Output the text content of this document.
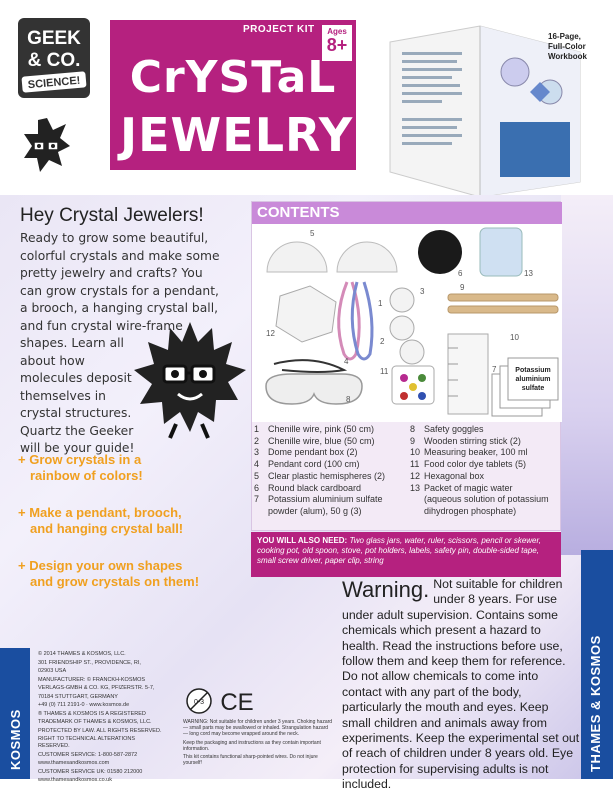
GEEK
& CO.
SCIENCE!
PROJECT KIT	Ages
8+
CrYSTaL
JEWELRY
16-Page,
Full-Color
Workbook
Hey Crystal Jewelers!
Ready to grow some beautiful,
colorful crystals and make some
pretty jewelry and crafts? You
can grow crystals for a pendant,
a brooch, a hanging crystal ball,
and fun crystal wire-frame
shapes. Learn all
about how
molecules deposit
themselves in
crystal structures.
Quartz the Geeker
will be your guide!
+ Grow crystals in a
rainbow of colors!
+ Make a pendant, brooch,
and hanging crystal ball!
+ Design your own shapes
and grow crystals on them!
CONTENTS
Potassium
aluminium
sulfate
1
2
3
4
5
6
7
8
9
10
11
12
13
1 Chenille wire, pink (50 cm)
2 Chenille wire, blue (50 cm)
3 Dome pendant box (2)
4 Pendant cord (100 cm)
5 Clear plastic hemispheres (2)
6 Round black cardboard
7 Potassium aluminium sulfate
powder (alum), 50 g (3)
8 Safety goggles
9 Wooden stirring stick (2)
10 Measuring beaker, 100 ml
11 Food color dye tablets (5)
12 Hexagonal box
13 Packet of magic water
(aqueous solution of potassium
dihydrogen phosphate)
YOU WILL ALSO NEED: Two glass jars, water, ruler, scissors, pencil or skewer, cooking pot, old spoon, stove, pot holders, labels, safety pin, double-sided tape, small screw driver, paper clip, string
THAMES & KOSMOS
Warning. Not suitable for children under 8 years. For use under adult supervision. Contains some chemicals which present a hazard to health. Read the instructions before use, follow them and keep them for reference. Do not allow chemicals to come into contact with any part of the body, particularly the mouth and eyes. Keep small children and animals away from experiments. Keep the experimental set out of reach of children under 8 years old. Eye protection for supervising adults is not included.
KOSMOS

© 2014 THAMES & KOSMOS, LLC.

301 FRIENDSHIP ST., PROVIDENCE, RI,

02903 USA

MANUFACTURER: © FRANCKH-KOSMOS

VERLAGS-GMBH & CO. KG, PFIZERSTR. 5-7,

70184 STUTTGART, GERMANY

+49 (0) 711 2191-0 · www.kosmos.de

® THAMES & KOSMOS IS A REGISTERED

TRADEMARK OF THAMES & KOSMOS, LLC.

PROTECTED BY LAW. ALL RIGHTS RESERVED.

RIGHT TO TECHNICAL ALTERATIONS RESERVED.

CUSTOMER SERVICE: 1-800-587-2872

www.thamesandkosmos.com

CUSTOMER SERVICE UK: 01580 212000

www.thamesandkosmos.co.uk

0-3 CE

WARNING: Not suitable for children under 3 years. Choking hazard — small parts may be swallowed or inhaled. Strangulation hazard — long cord may become wrapped around the neck.

Keep the packaging and instructions as they contain important information.

This kit contains functional sharp-pointed wires. Do not injure yourself!
